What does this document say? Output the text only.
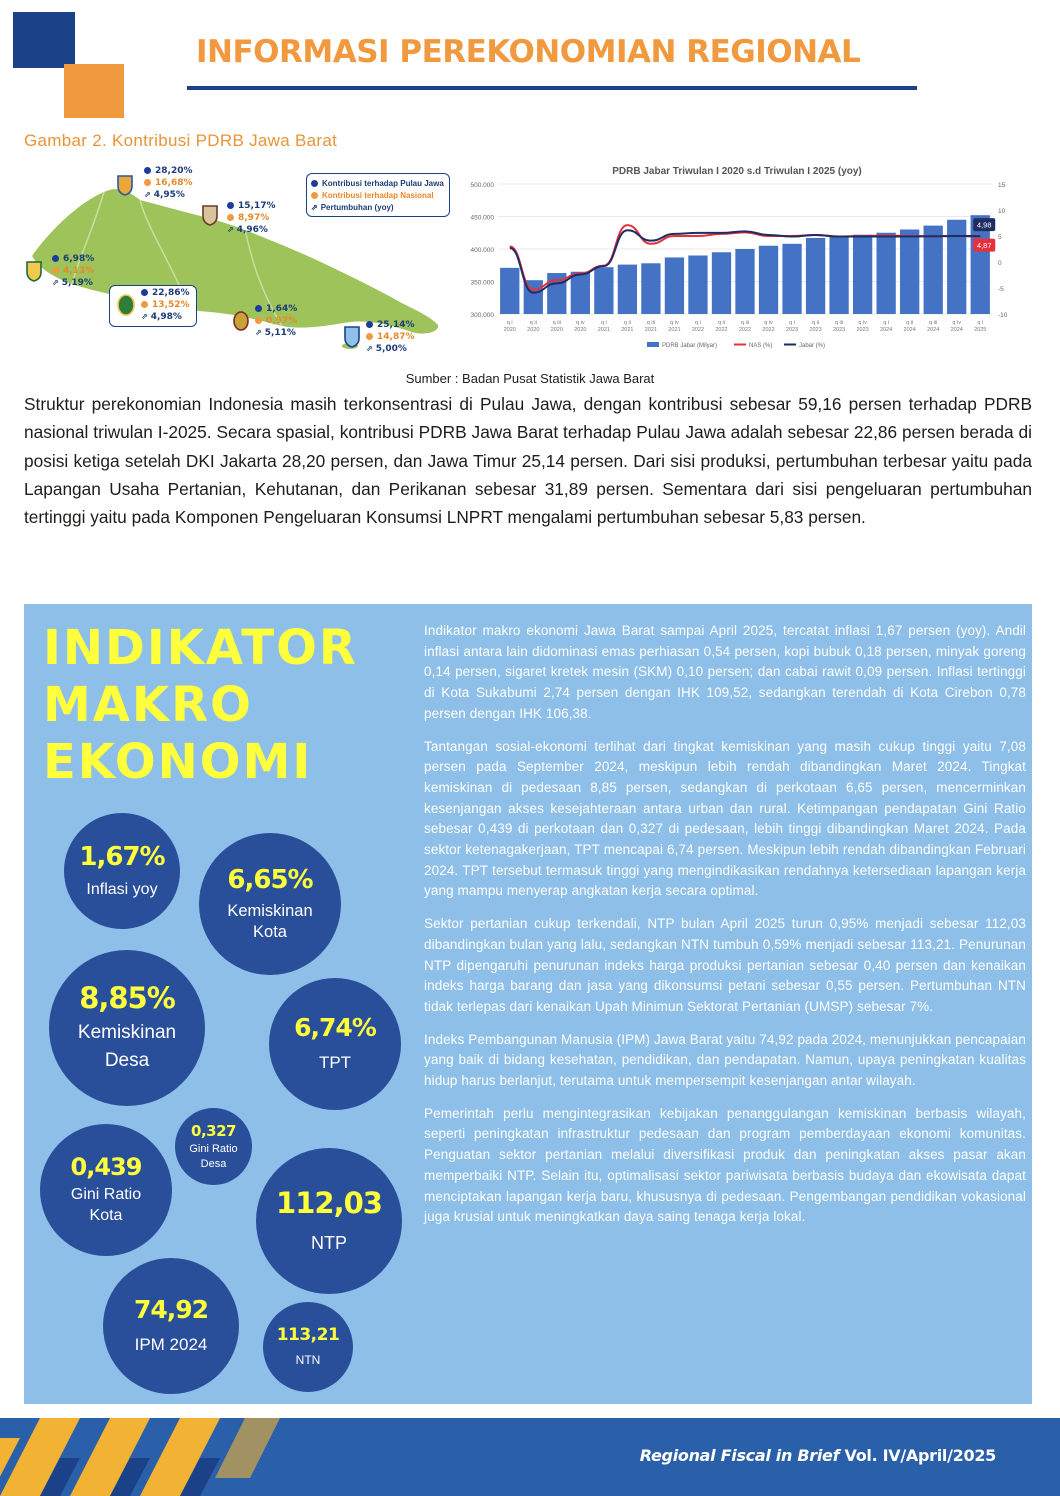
INFORMASI PEREKONOMIAN REGIONAL
Gambar 2. Kontribusi PDRB Jawa Barat
28,20%
16,68%
⇗ 4,95%
15,17%
8,97%
⇗ 4,96%
6,98%
4,13%
⇗ 5,19%
22,86%
13,52%
⇗ 4,98%
1,64%
0,97%
⇗ 5,11%
25,14%
14,87%
⇗ 5,00%
Kontribusi terhadap Pulau Jawa
Kontribusi terhadap Nasional
⇗ Pertumbuhan (yoy)
PDRB Jabar Triwulan I 2020 s.d Triwulan I 2025 (yoy)
4,98
4,87
500.000
450.000
400.000
350.000
300.000
15
10
5
0
-5
-10
q i
2020
q ii
2020
q iii
2020
q iv
2020
q i
2021
q ii
2021
q iii
2021
q iv
2021
q i
2022
q ii
2022
q iii
2022
q iv
2022
q i
2023
q ii
2023
q iii
2023
q iv
2023
q i
2024
q ii
2024
q iii
2024
q iv
2024
q i
2025
PDRB Jabar (Milyar)	NAS (%)	Jabar (%)
Sumber : Badan Pusat Statistik Jawa Barat
Struktur perekonomian Indonesia masih terkonsentrasi di Pulau Jawa, dengan kontribusi sebesar 59,16 persen terhadap PDRB nasional triwulan I-2025. Secara spasial, kontribusi PDRB Jawa Barat terhadap Pulau Jawa adalah sebesar 22,86 persen berada di posisi ketiga setelah DKI Jakarta 28,20 persen, dan Jawa Timur 25,14 persen. Dari sisi produksi, pertumbuhan terbesar yaitu pada Lapangan Usaha Pertanian, Kehutanan, dan Perikanan sebesar 31,89 persen. Sementara dari sisi pengeluaran pertumbuhan tertinggi yaitu pada Komponen Pengeluaran Konsumsi LNPRT mengalami pertumbuhan sebesar 5,83 persen.
INDIKATOR
MAKRO
EKONOMI
1,67%
Inflasi yoy	6,65%
Kemiskinan Kota
8,85%
Kemiskinan Desa
6,74%
TPT
0,327
Gini Ratio Desa
0,439
Gini Ratio Kota	112,03
NTP
74,92
IPM 2024	113,21
NTN

Indikator makro ekonomi Jawa Barat sampai April 2025, tercatat inflasi 1,67 persen (yoy). Andil inflasi antara lain didominasi emas perhiasan 0,54 persen, kopi bubuk 0,18 persen, minyak goreng 0,14 persen, sigaret kretek mesin (SKM) 0,10 persen; dan cabai rawit 0,09 persen. Inflasi tertinggi di Kota Sukabumi 2,74 persen dengan IHK 109,52, sedangkan terendah di Kota Cirebon 0,78 persen dengan IHK 106,38.

Tantangan sosial-ekonomi terlihat dari tingkat kemiskinan yang masih cukup tinggi yaitu 7,08 persen pada September 2024, meskipun lebih rendah dibandingkan Maret 2024. Tingkat kemiskinan di pedesaan 8,85 persen, sedangkan di perkotaan 6,65 persen, mencerminkan kesenjangan akses kesejahteraan antara urban dan rural. Ketimpangan pendapatan Gini Ratio sebesar 0,439 di perkotaan dan 0,327 di pedesaan, lebih tinggi dibandingkan Maret 2024. Pada sektor ketenagakerjaan, TPT mencapai 6,74 persen. Meskipun lebih rendah dibandingkan Februari 2024. TPT tersebut termasuk tinggi yang mengindikasikan rendahnya ketersediaan lapangan kerja yang mampu menyerap angkatan kerja secara optimal.

Sektor pertanian cukup terkendali, NTP bulan April 2025 turun 0,95% menjadi sebesar 112,03 dibandingkan bulan yang lalu, sedangkan NTN tumbuh 0,59% menjadi sebesar 113,21. Penurunan NTP dipengaruhi penurunan indeks harga produksi pertanian sebesar 0,40 persen dan kenaikan indeks harga barang dan jasa yang dikonsumsi petani sebesar 0,55 persen. Pertumbuhan NTN tidak terlepas dari kenaikan Upah Minimun Sektorat Pertanian (UMSP) sebesar 7%.

Indeks Pembangunan Manusia (IPM) Jawa Barat yaitu 74,92 pada 2024, menunjukkan pencapaian yang baik di bidang kesehatan, pendidikan, dan pendapatan. Namun, upaya peningkatan kualitas hidup harus berlanjut, terutama untuk mempersempit kesenjangan antar wilayah.

Pemerintah perlu mengintegrasikan kebijakan penanggulangan kemiskinan berbasis wilayah, seperti peningkatan infrastruktur pedesaan dan program pemberdayaan ekonomi komunitas. Penguatan sektor pertanian melalui diversifikasi produk dan peningkatan akses pasar akan memperbaiki NTP. Selain itu, optimalisasi sektor pariwisata berbasis budaya dan ekowisata dapat menciptakan lapangan kerja baru, khususnya di pedesaan. Pengembangan pendidikan vokasional juga krusial untuk meningkatkan daya saing tenaga kerja lokal.

Regional Fiscal in Brief Vol. IV/April/2025
